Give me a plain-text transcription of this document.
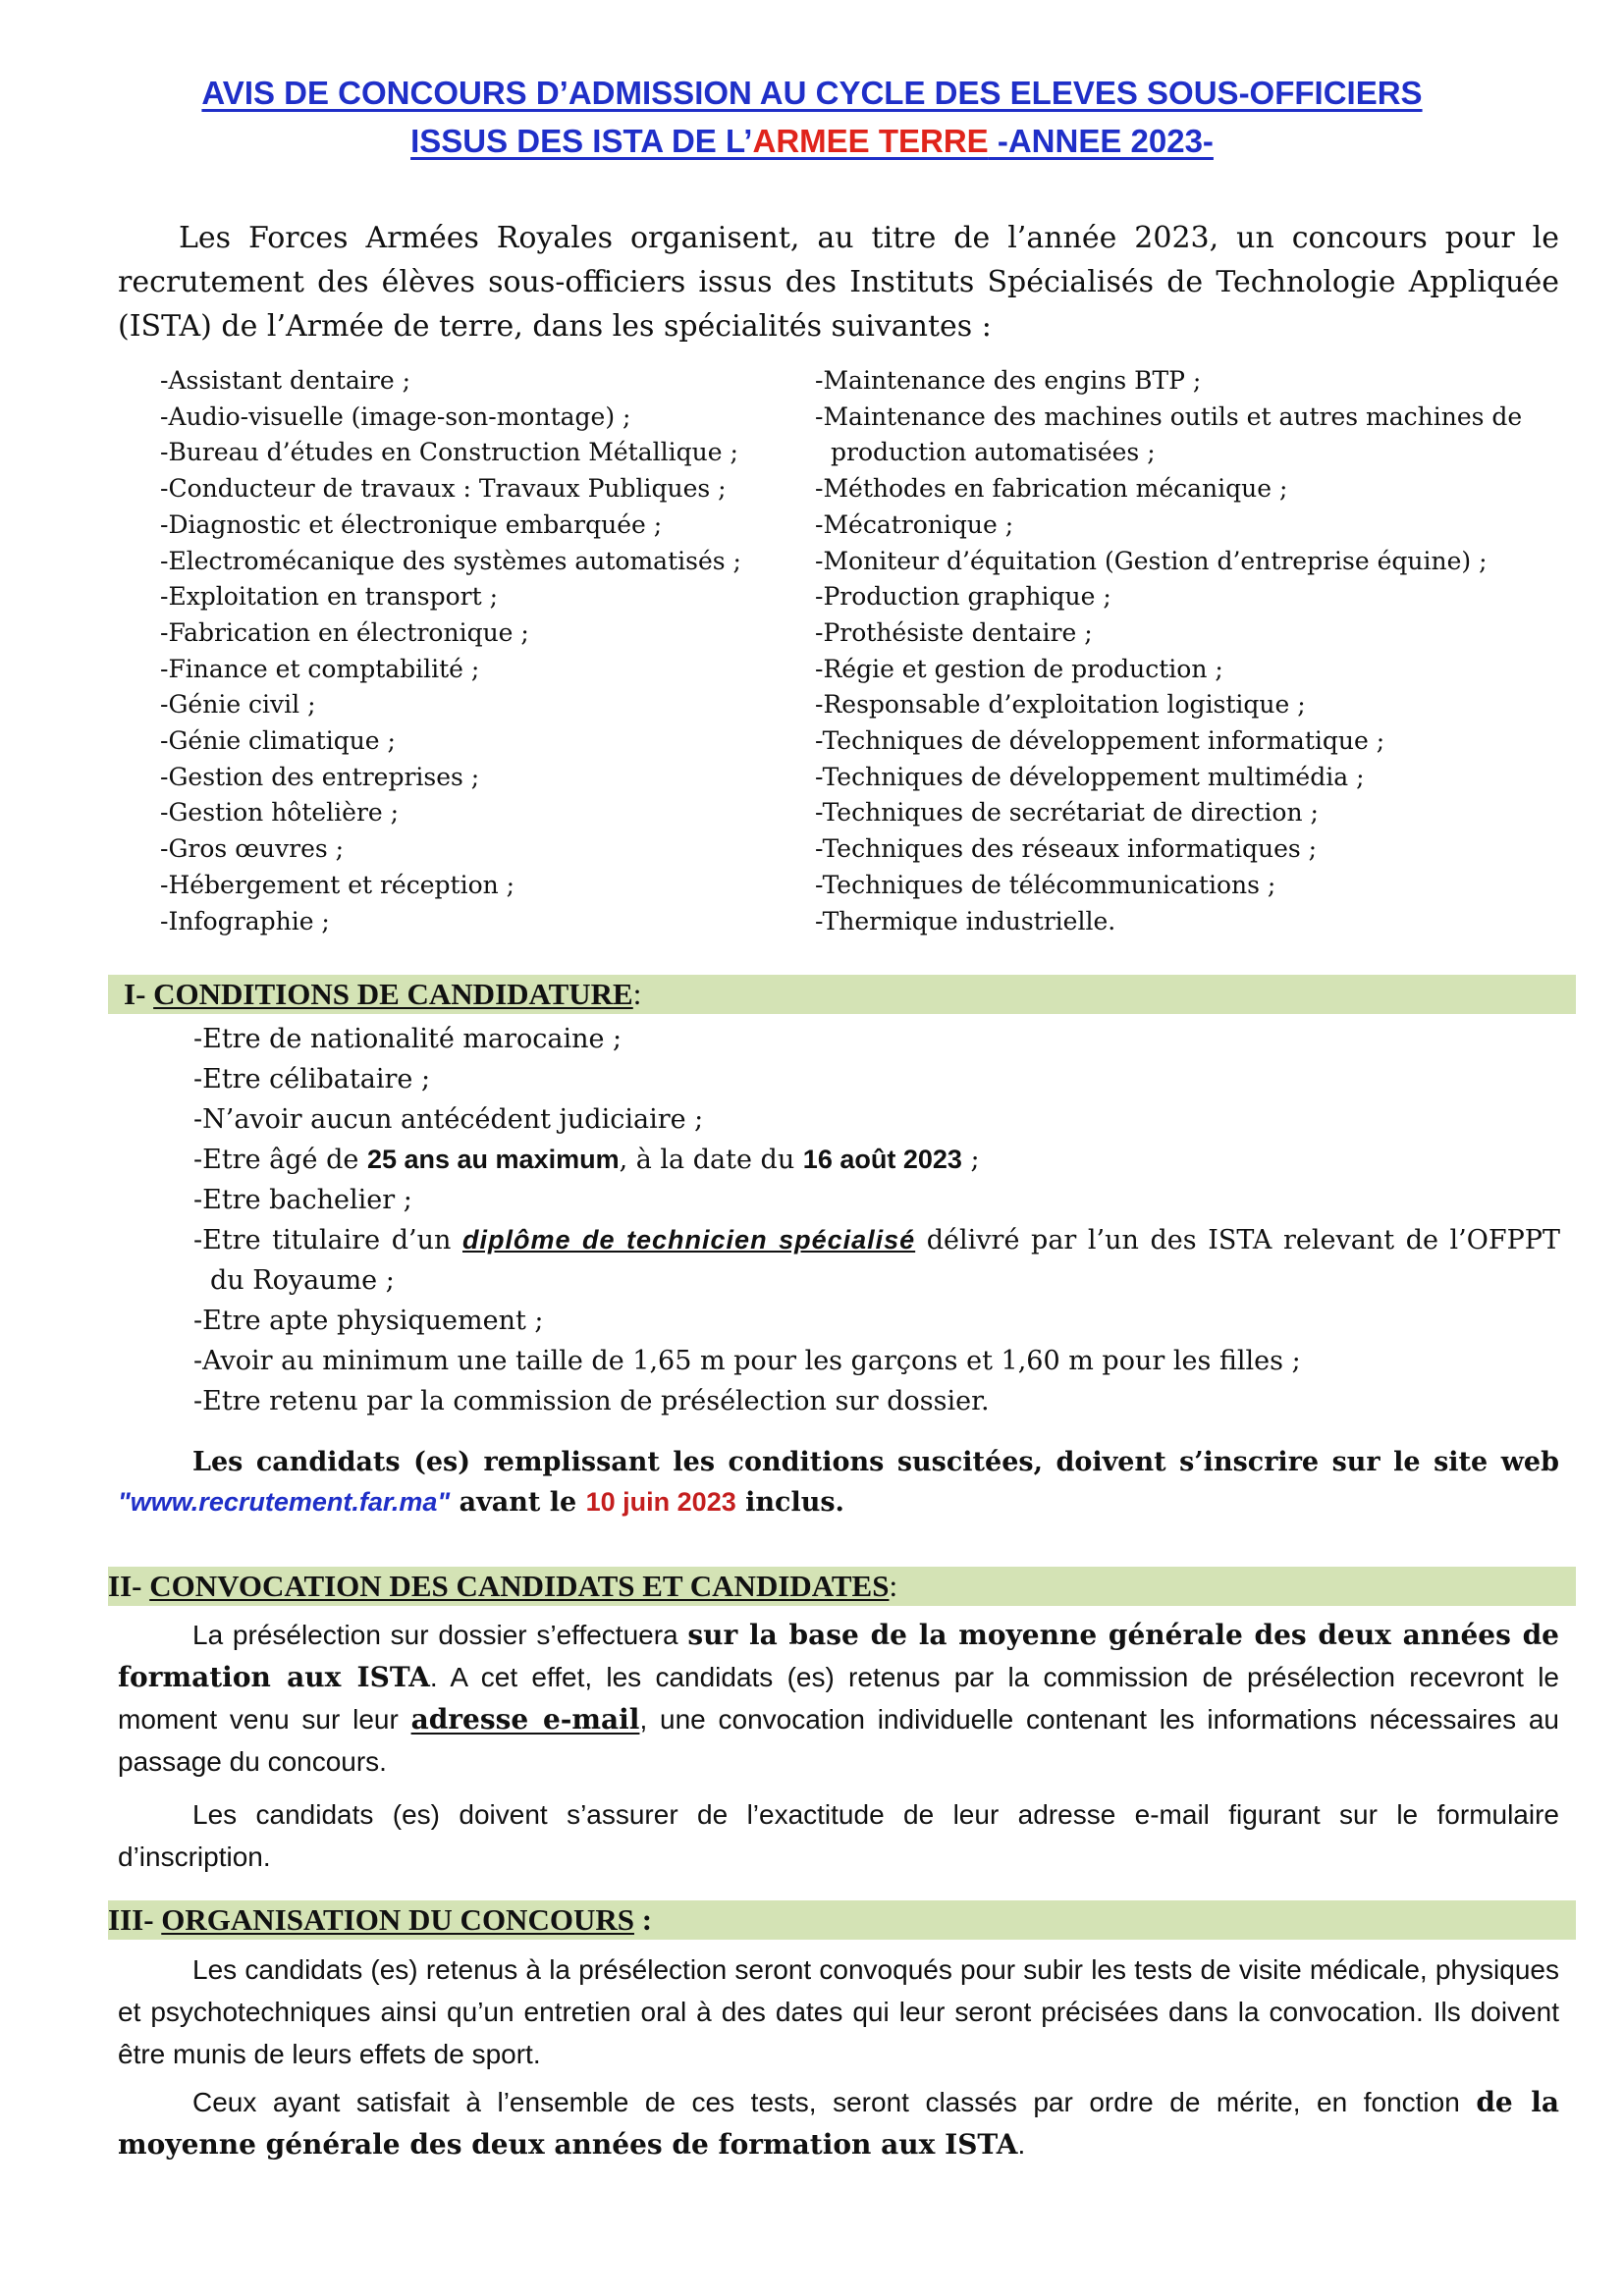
AVIS DE CONCOURS D’ADMISSION AU CYCLE DES ELEVES SOUS-OFFICIERS
ISSUS DES ISTA DE L’ARMEE TERRE -ANNEE 2023-
Les Forces Armées Royales organisent, au titre de l’année 2023, un concours pour le recrutement des élèves sous-officiers issus des Instituts Spécialisés de Technologie Appliquée (ISTA) de l’Armée de terre, dans les spécialités suivantes :
- Assistant dentaire ;
- Audio-visuelle (image-son-montage) ;
- Bureau d’études en Construction Métallique ;
- Conducteur de travaux : Travaux Publiques ;
- Diagnostic et électronique embarquée ;
- Electromécanique des systèmes automatisés ;
- Exploitation en transport ;
- Fabrication en électronique ;
- Finance et comptabilité ;
- Génie civil ;
- Génie climatique ;
- Gestion des entreprises ;
- Gestion hôtelière ;
- Gros œuvres ;
- Hébergement et réception ;
- Infographie ;
- Maintenance des engins BTP ;
- Maintenance des machines outils et autres machines de production automatisées ;
- Méthodes en fabrication mécanique ;
- Mécatronique ;
- Moniteur d’équitation (Gestion d’entreprise équine) ;
- Production graphique ;
- Prothésiste dentaire ;
- Régie et gestion de production ;
- Responsable d’exploitation logistique ;
- Techniques de développement informatique ;
- Techniques de développement multimédia ;
- Techniques de secrétariat de direction ;
- Techniques des réseaux informatiques ;
- Techniques de télécommunications ;
- Thermique industrielle.
I- CONDITIONS DE CANDIDATURE:
- Etre de nationalité marocaine ;
- Etre célibataire ;
- N’avoir aucun antécédent judiciaire ;
- Etre âgé de 25 ans au maximum, à la date du 16 août 2023 ;
- Etre bachelier ;
- Etre titulaire d’un diplôme de technicien spécialisé délivré par l’un des ISTA relevant de l’OFPPT du Royaume ;
- Etre apte physiquement ;
- Avoir au minimum une taille de 1,65 m pour les garçons et 1,60 m pour les filles ;
- Etre retenu par la commission de présélection sur dossier.
Les candidats (es) remplissant les conditions suscitées, doivent s’inscrire sur le site web "www.recrutement.far.ma" avant le 10 juin 2023 inclus.
II- CONVOCATION DES CANDIDATS ET CANDIDATES:
La présélection sur dossier s’effectuera sur la base de la moyenne générale des deux années de formation aux ISTA. A cet effet, les candidats (es) retenus par la commission de présélection recevront le moment venu sur leur adresse e-mail, une convocation individuelle contenant les informations nécessaires au passage du concours.
Les candidats (es) doivent s’assurer de l’exactitude de leur adresse e-mail figurant sur le formulaire d’inscription.
III- ORGANISATION DU CONCOURS :
Les candidats (es) retenus à la présélection seront convoqués pour subir les tests de visite médicale, physiques et psychotechniques ainsi qu’un entretien oral à des dates qui leur seront précisées dans la convocation. Ils doivent être munis de leurs effets de sport.
Ceux ayant satisfait à l’ensemble de ces tests, seront classés par ordre de mérite, en fonction de la moyenne générale des deux années de formation aux ISTA.
